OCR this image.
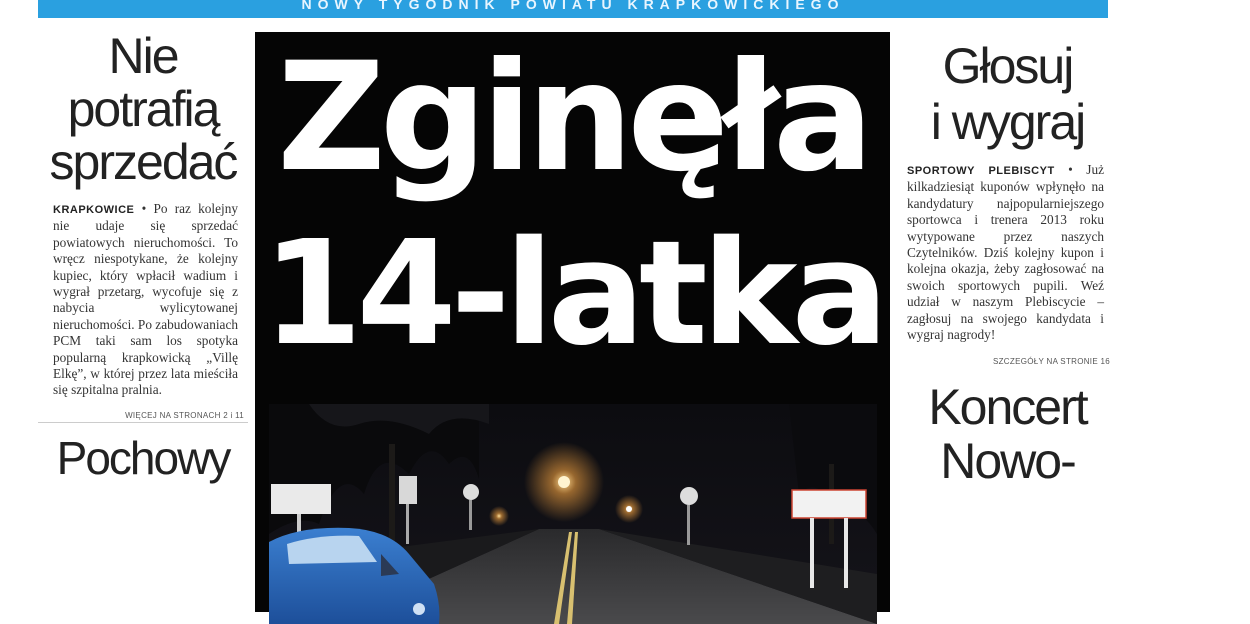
NOWY TYGODNIK POWIATU KRAPKOWICKIEGO
Nie
potrafią
sprzedać
KRAPKOWICE • Po raz kolejny nie udaje się sprzedać powiatowych nieruchomości. To wręcz niespotykane, że kolejny kupiec, który wpłacił wadium i wygrał przetarg, wycofuje się z nabycia wylicytowanej nieruchomości. Po zabudowaniach PCM taki sam los spotyka popularną krapkowicką „Villę Elkę”, w której przez lata mieściła się szpitalna pralnia.
WIĘCEJ NA STRONACH 2 i 11
Pochowy
Zginęła
14-latka
Głosuj
i wygraj
SPORTOWY PLEBISCYT • Już kilkadziesiąt kuponów wpłynęło na kandydatury najpopularniejszego sportowca i trenera 2013 roku wytypowane przez naszych Czytelników. Dziś kolejny kupon i kolejna okazja, żeby zagłosować na swoich sportowych pupili. Weź udział w naszym Plebiscycie – zagłosuj na swojego kandydata i wygraj nagrody!
SZCZEGÓŁY NA STRONIE 16
Koncert
Nowo-
